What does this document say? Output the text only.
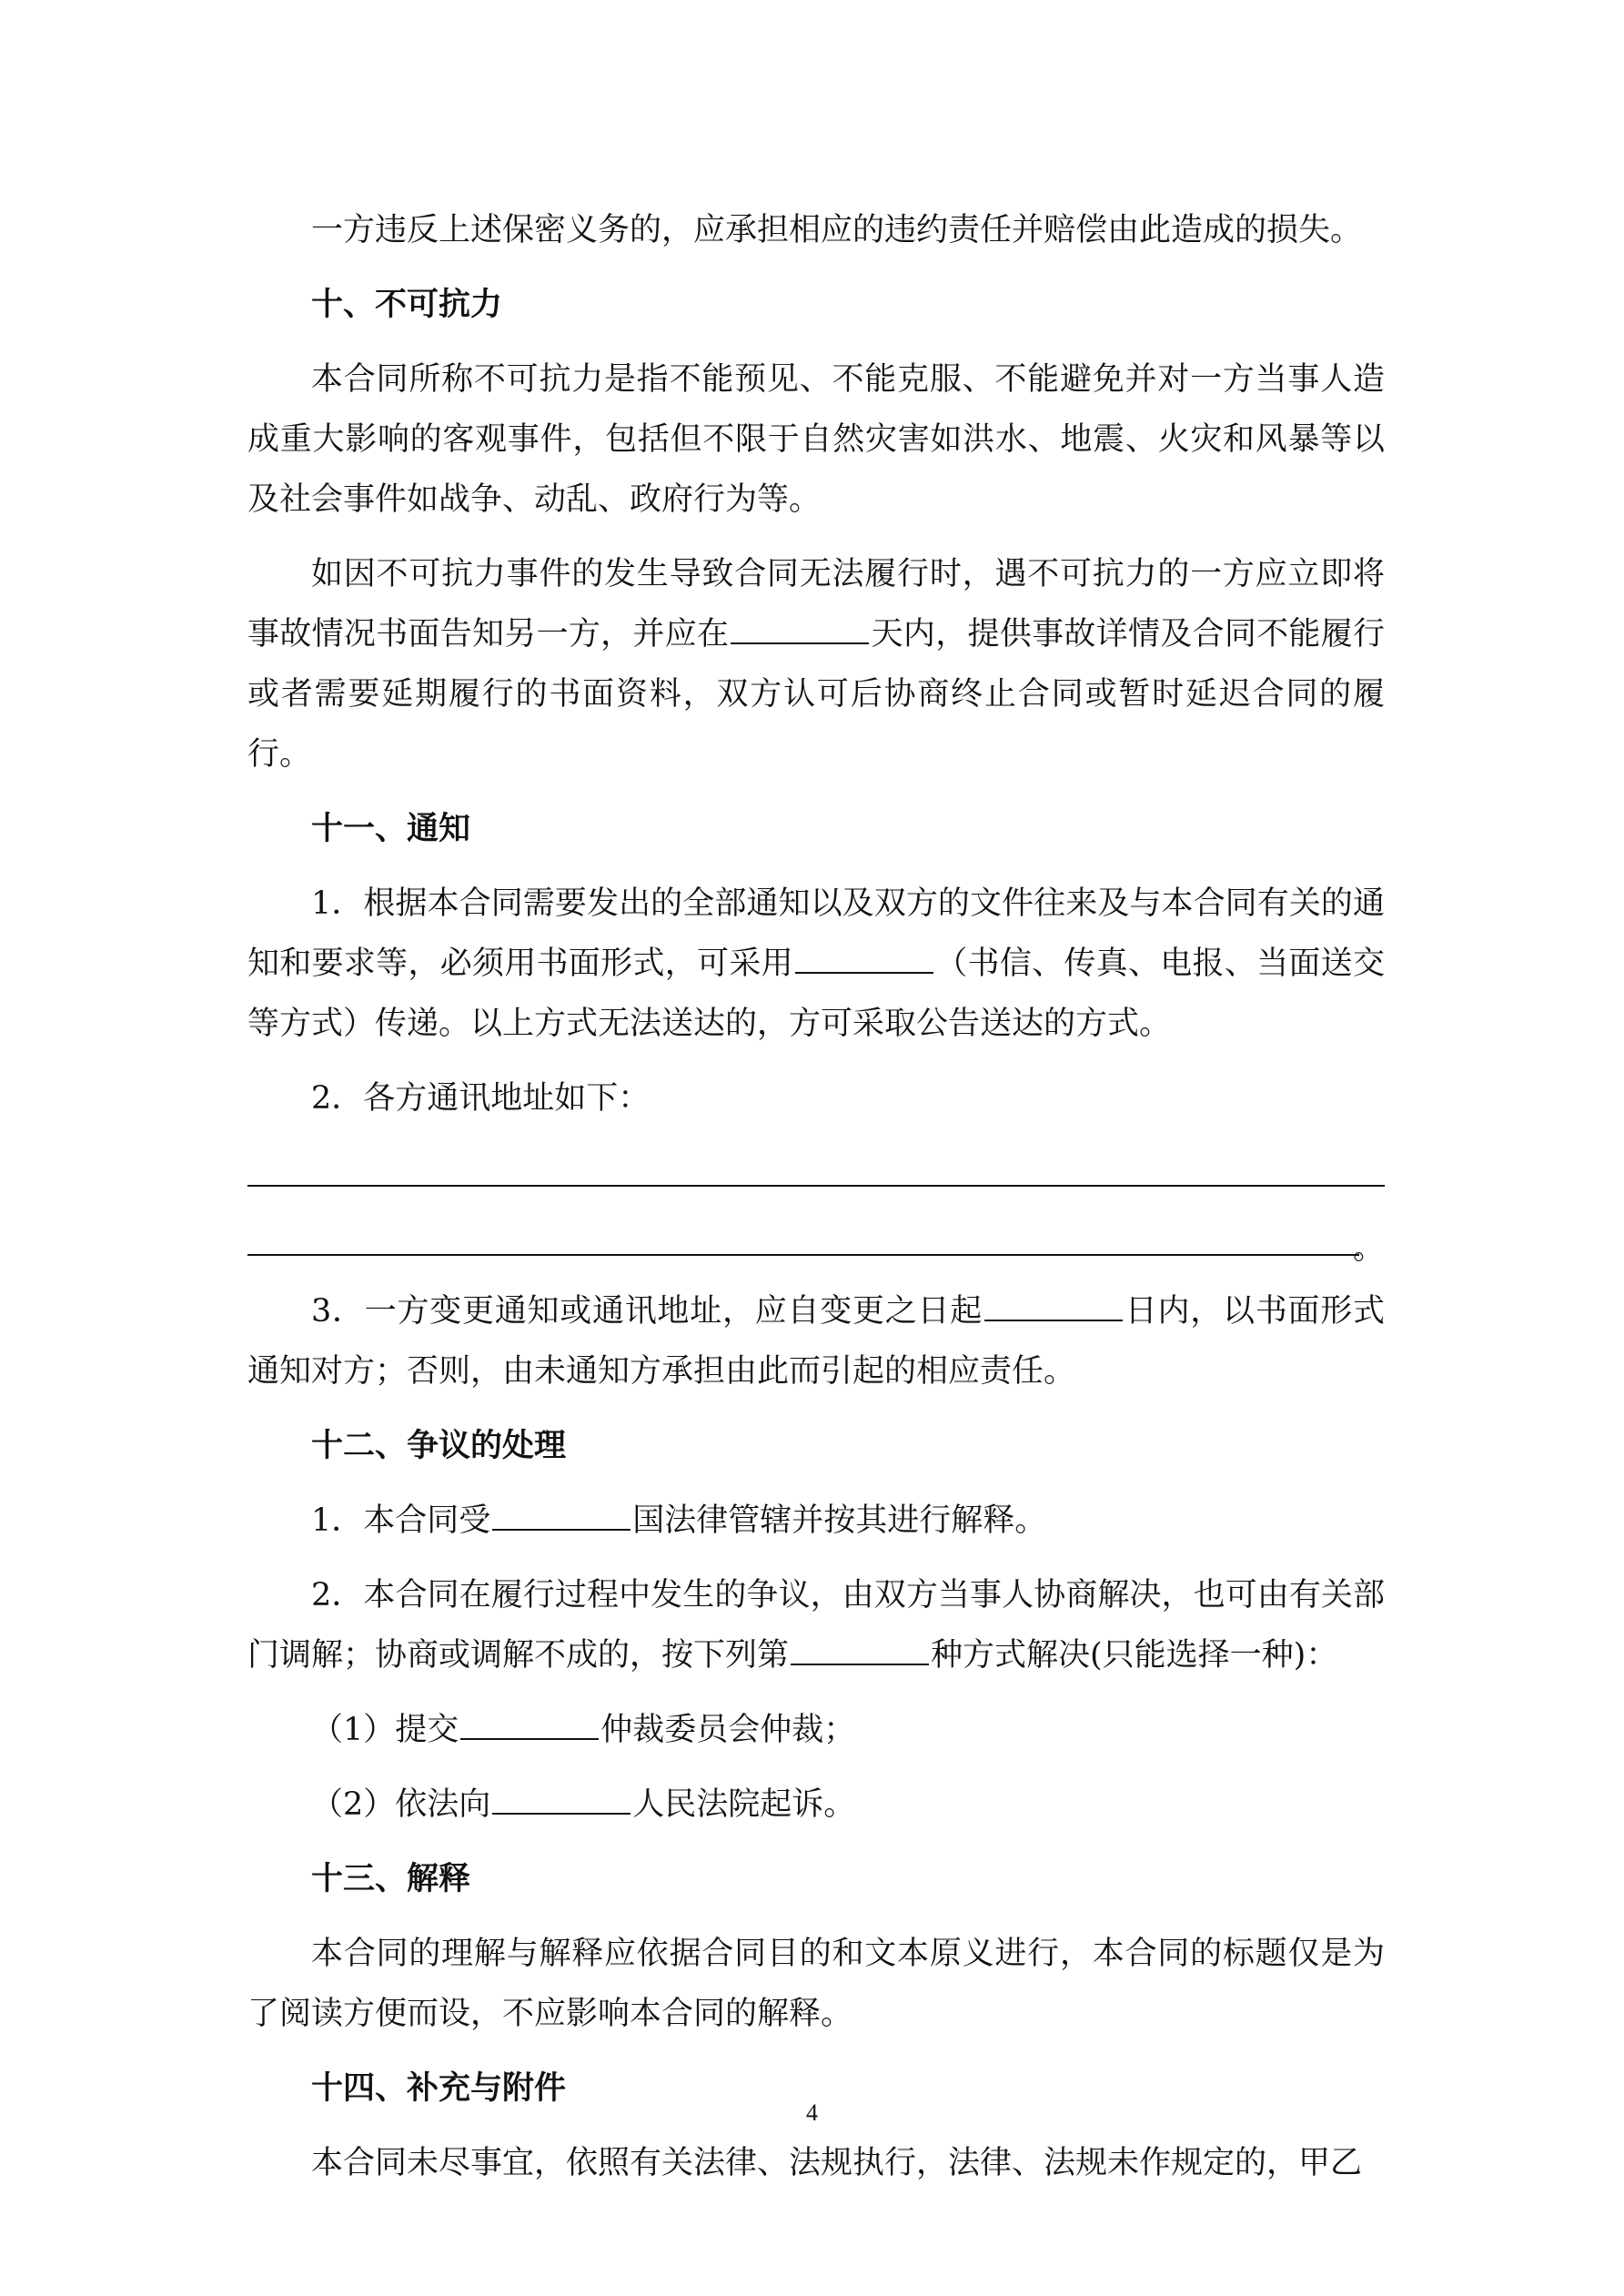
一方违反上述保密义务的，应承担相应的违约责任并赔偿由此造成的损失。

十、不可抗力

本合同所称不可抗力是指不能预见、不能克服、不能避免并对一方当事人造成重大影响的客观事件，包括但不限于自然灾害如洪水、地震、火灾和风暴等以及社会事件如战争、动乱、政府行为等。

如因不可抗力事件的发生导致合同无法履行时，遇不可抗力的一方应立即将事故情况书面告知另一方，并应在	天内，提供事故详情及合同不能履行或者需要延期履行的书面资料，双方认可后协商终止合同或暂时延迟合同的履行。

十一、通知

1．根据本合同需要发出的全部通知以及双方的文件往来及与本合同有关的通知和要求等，必须用书面形式，可采用	（书信、传真、电报、当面送交等方式）传递。以上方式无法送达的，方可采取公告送达的方式。

2．各方通讯地址如下：

。

3．一方变更通知或通讯地址，应自变更之日起	日内，以书面形式通知对方；否则，由未通知方承担由此而引起的相应责任。

十二、争议的处理

1．本合同受	国法律管辖并按其进行解释。

2．本合同在履行过程中发生的争议，由双方当事人协商解决，也可由有关部门调解；协商或调解不成的，按下列第	种方式解决(只能选择一种)：

（1）提交	仲裁委员会仲裁；

（2）依法向	人民法院起诉。

十三、解释

本合同的理解与解释应依据合同目的和文本原义进行，本合同的标题仅是为了阅读方便而设，不应影响本合同的解释。

十四、补充与附件

本合同未尽事宜，依照有关法律、法规执行，法律、法规未作规定的，甲乙

4
